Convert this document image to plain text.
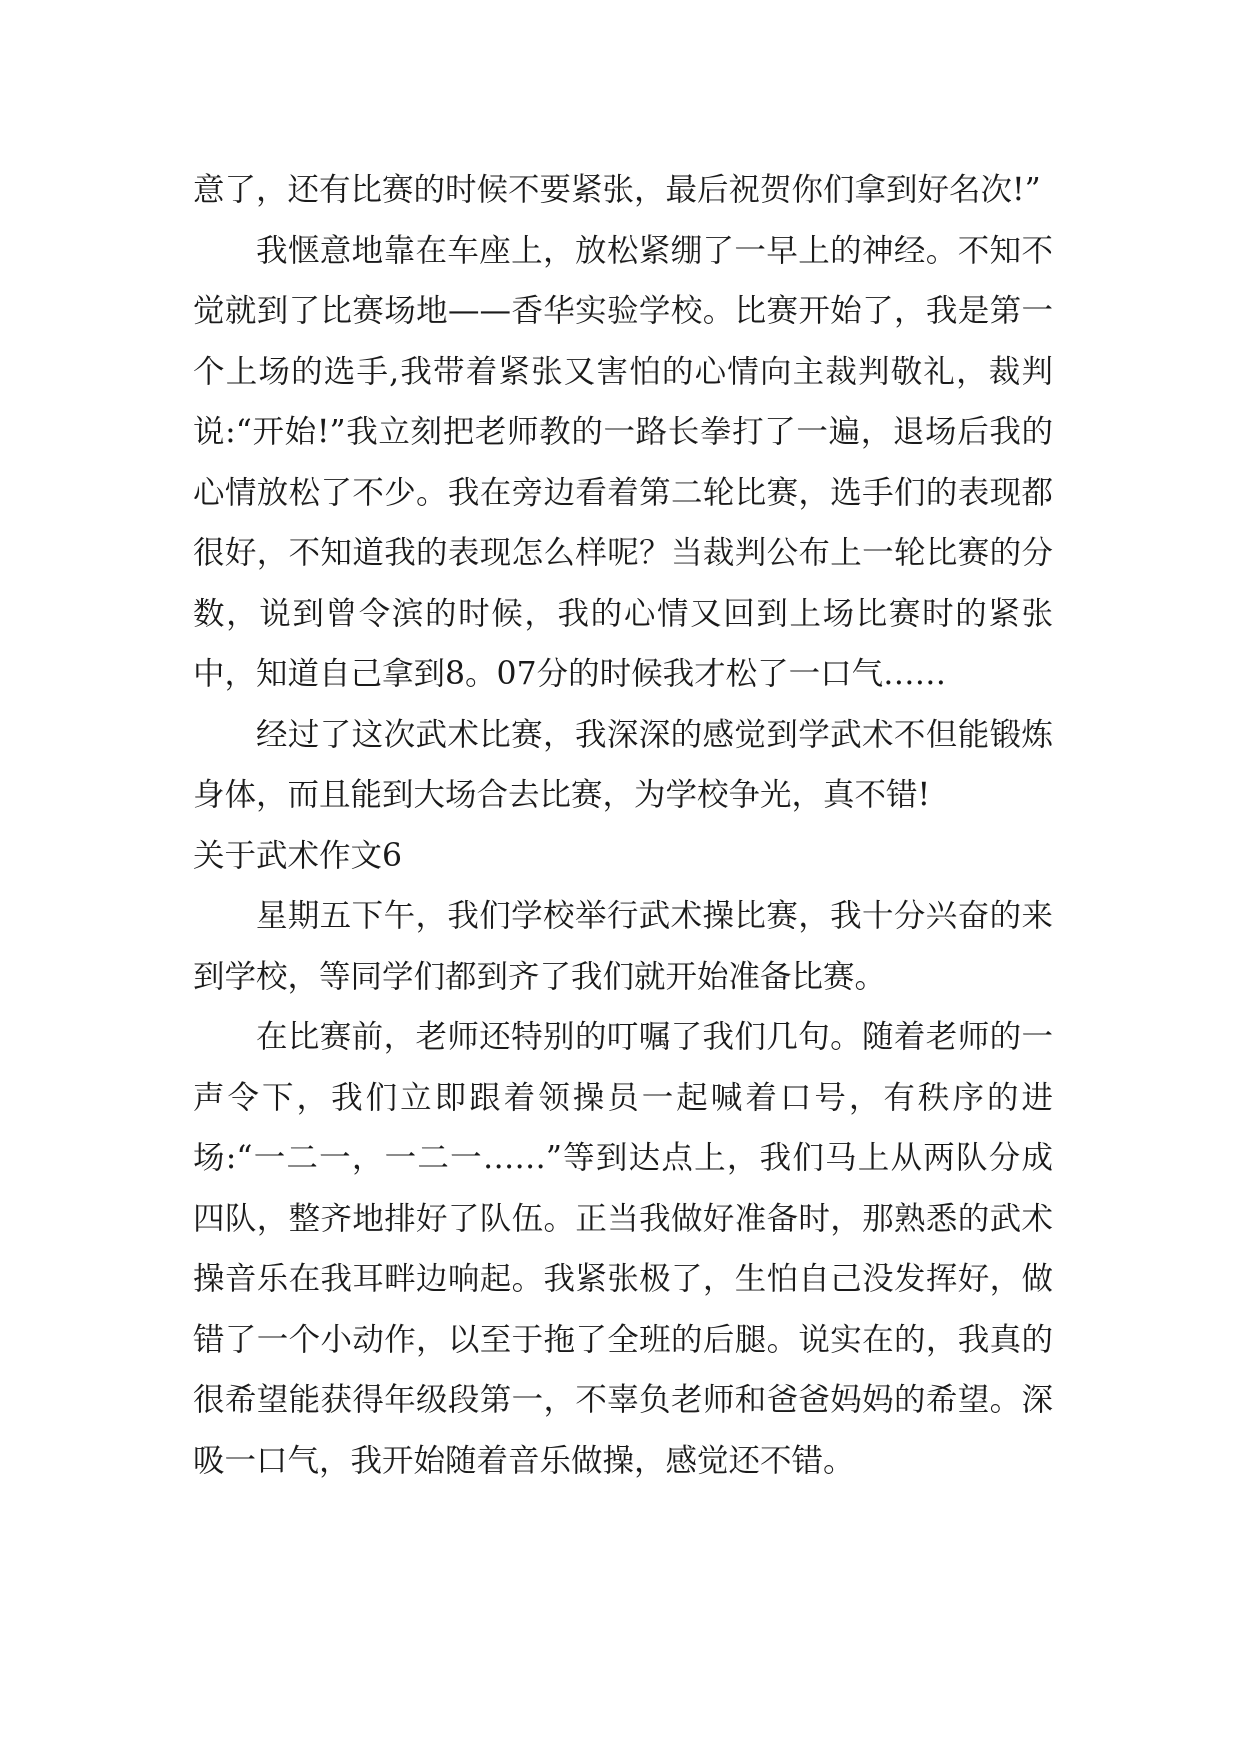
意了，还有比赛的时候不要紧张，最后祝贺你们拿到好名次!”

我惬意地靠在车座上，放松紧绷了一早上的神经。不知不觉就到了比赛场地——香华实验学校。比赛开始了，我是第一个上场的选手,我带着紧张又害怕的心情向主裁判敬礼，裁判说:“开始!”我立刻把老师教的一路长拳打了一遍，退场后我的心情放松了不少。我在旁边看着第二轮比赛，选手们的表现都很好，不知道我的表现怎么样呢？当裁判公布上一轮比赛的分数，说到曾令滨的时候，我的心情又回到上场比赛时的紧张中，知道自己拿到8。07分的时候我才松了一口气……

经过了这次武术比赛，我深深的感觉到学武术不但能锻炼身体，而且能到大场合去比赛，为学校争光，真不错!

关于武术作文6

星期五下午，我们学校举行武术操比赛，我十分兴奋的来到学校，等同学们都到齐了我们就开始准备比赛。

在比赛前，老师还特别的叮嘱了我们几句。随着老师的一声令下，我们立即跟着领操员一起喊着口号，有秩序的进场:“一二一，一二一……”等到达点上，我们马上从两队分成四队，整齐地排好了队伍。正当我做好准备时，那熟悉的武术操音乐在我耳畔边响起。我紧张极了，生怕自己没发挥好，做错了一个小动作，以至于拖了全班的后腿。说实在的，我真的很希望能获得年级段第一，不辜负老师和爸爸妈妈的希望。深吸一口气，我开始随着音乐做操，感觉还不错。
